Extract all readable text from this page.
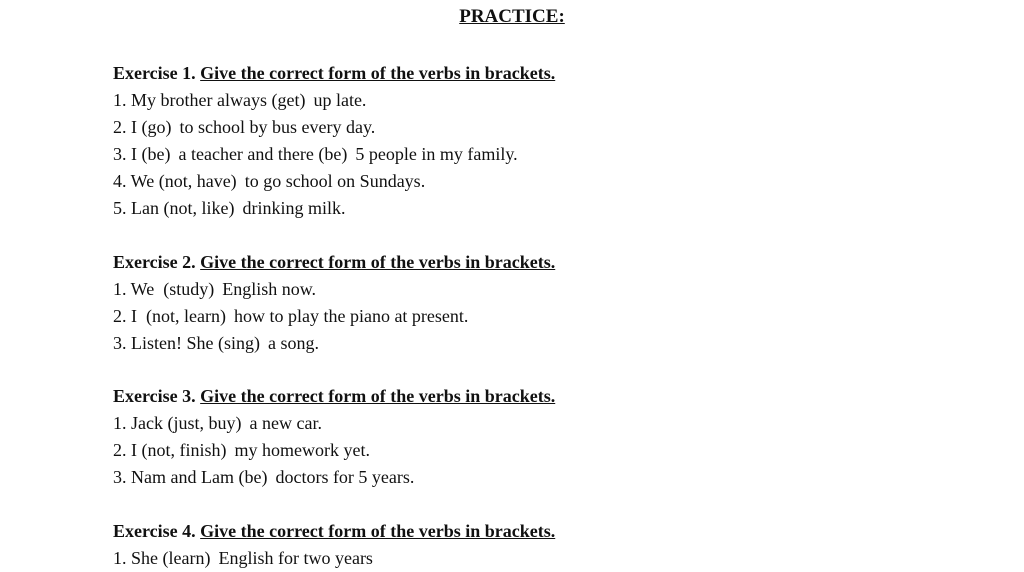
PRACTICE:
Exercise 1. Give the correct form of the verbs in brackets.
1. My brother always (get) up late.
2. I (go) to school by bus every day.
3. I (be) a teacher and there (be) 5 people in my family.
4. We (not, have) to go school on Sundays.
5. Lan (not, like) drinking milk.
Exercise 2. Give the correct form of the verbs in brackets.
1. We  (study) English now.
2. I  (not, learn) how to play the piano at present.
3. Listen! She (sing) a song.
Exercise 3. Give the correct form of the verbs in brackets.
1. Jack (just, buy) a new car.
2. I (not, finish) my homework yet.
3. Nam and Lam (be) doctors for 5 years.
Exercise 4. Give the correct form of the verbs in brackets.
1. She (learn) English for two years
